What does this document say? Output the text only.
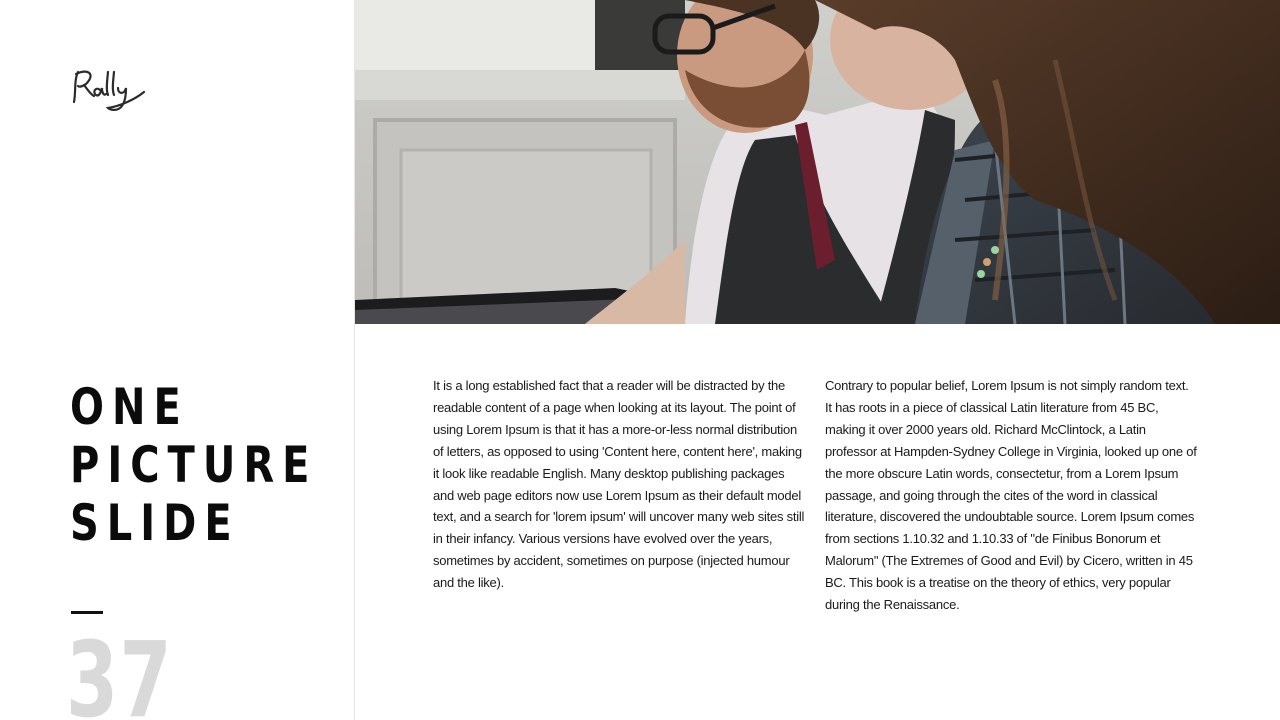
Rally
ONE
PICTURE
SLIDE
37
It is a long established fact that a reader will be distracted by the readable content of a page when looking at its layout. The point of using Lorem Ipsum is that it has a more-or-less normal distribution of letters, as opposed to using 'Content here, content here', making it look like readable English. Many desktop publishing packages and web page editors now use Lorem Ipsum as their default model text, and a search for 'lorem ipsum' will uncover many web sites still in their infancy. Various versions have evolved over the years, sometimes by accident, sometimes on purpose (injected humour and the like).
Contrary to popular belief, Lorem Ipsum is not simply random text. It has roots in a piece of classical Latin literature from 45 BC, making it over 2000 years old. Richard McClintock, a Latin professor at Hampden-Sydney College in Virginia, looked up one of the more obscure Latin words, consectetur, from a Lorem Ipsum passage, and going through the cites of the word in classical literature, discovered the undoubtable source. Lorem Ipsum comes from sections 1.10.32 and 1.10.33 of "de Finibus Bonorum et Malorum" (The Extremes of Good and Evil) by Cicero, written in 45 BC. This book is a treatise on the theory of ethics, very popular during the Renaissance.
